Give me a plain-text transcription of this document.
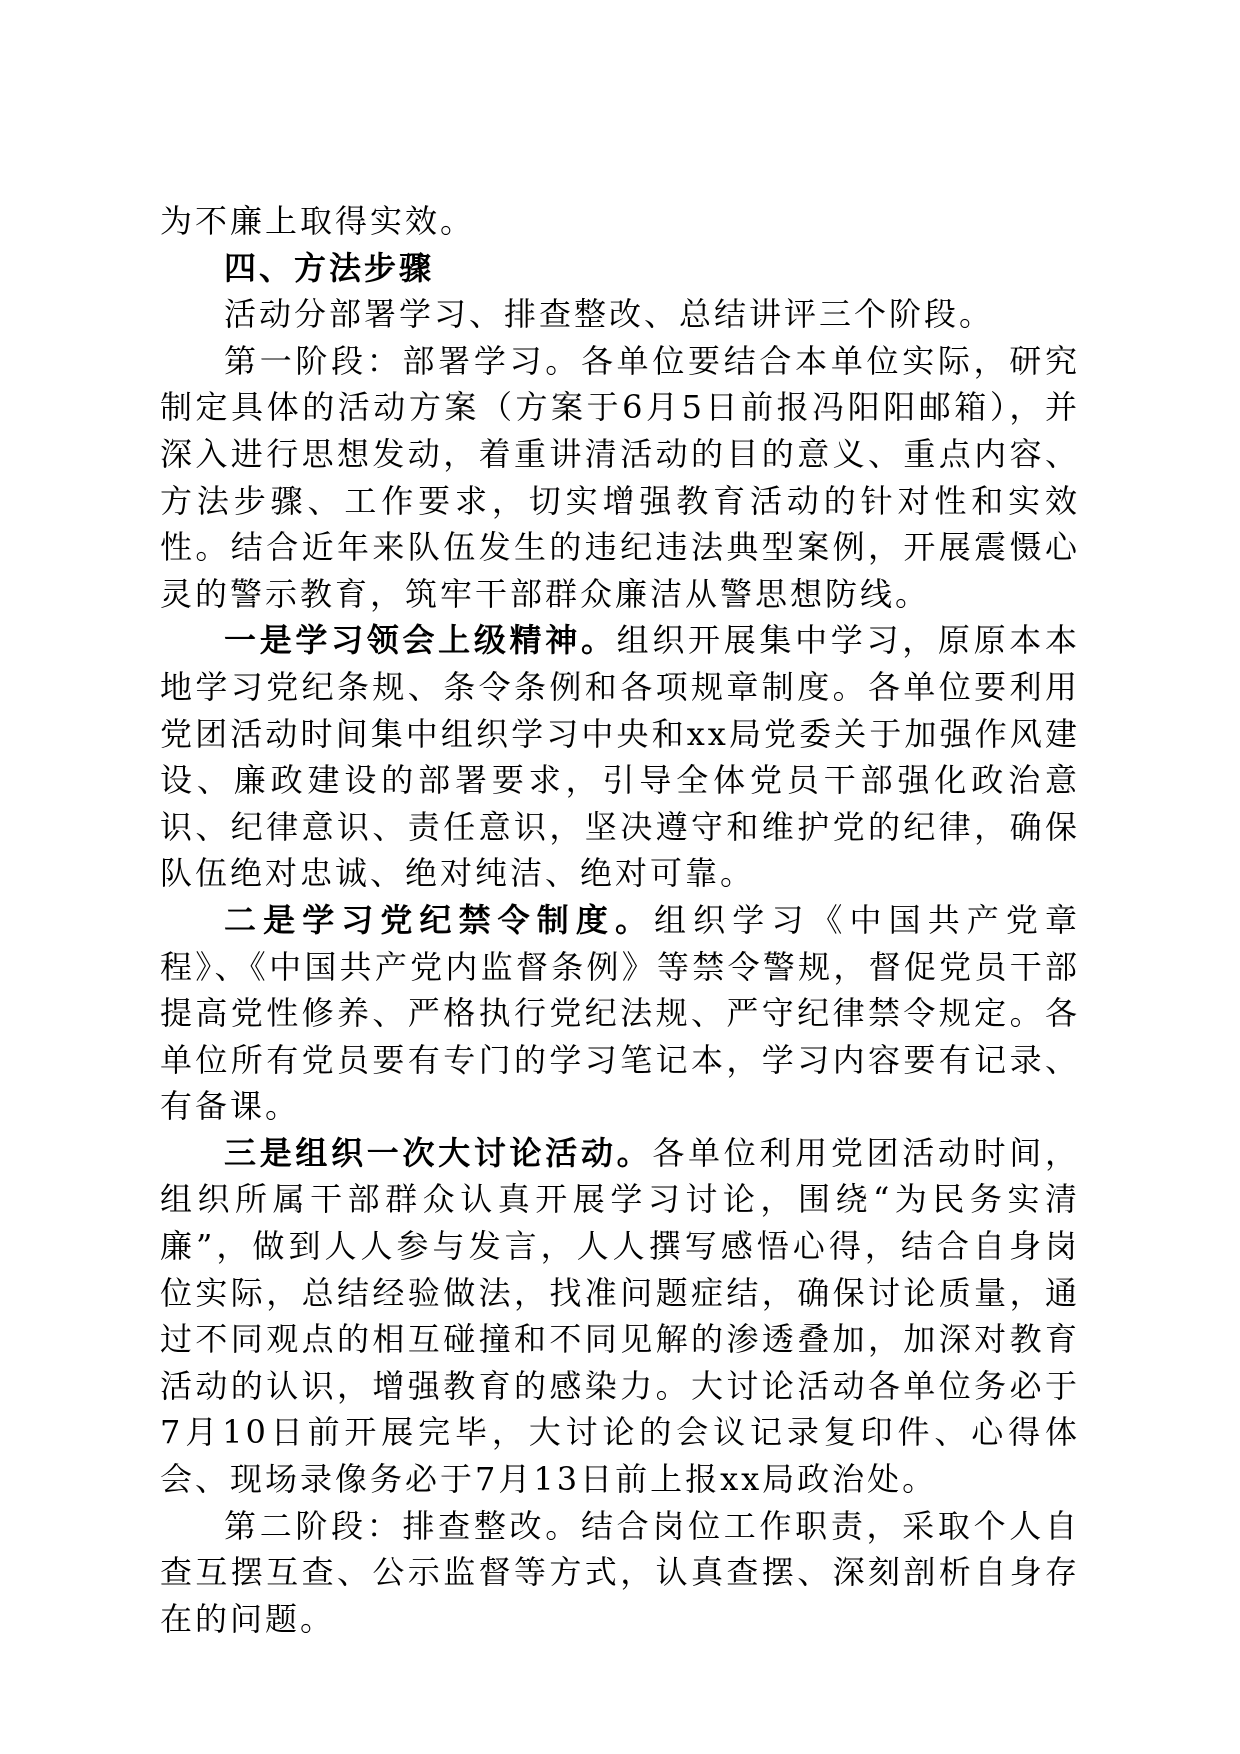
为不廉上取得实效。

四、方法步骤

活动分部署学习、排查整改、总结讲评三个阶段。

第一阶段：部署学习。各单位要结合本单位实际，研究制定具体的活动方案（方案于6月5日前报冯阳阳邮箱），并深入进行思想发动，着重讲清活动的目的意义、重点内容、方法步骤、工作要求，切实增强教育活动的针对性和实效性。结合近年来队伍发生的违纪违法典型案例，开展震慑心灵的警示教育，筑牢干部群众廉洁从警思想防线。

一是学习领会上级精神。组织开展集中学习，原原本本地学习党纪条规、条令条例和各项规章制度。各单位要利用党团活动时间集中组织学习中央和xx局党委关于加强作风建设、廉政建设的部署要求，引导全体党员干部强化政治意识、纪律意识、责任意识，坚决遵守和维护党的纪律，确保队伍绝对忠诚、绝对纯洁、绝对可靠。

二是学习党纪禁令制度。组织学习《中国共产党章程》、《中国共产党内监督条例》等禁令警规，督促党员干部提高党性修养、严格执行党纪法规、严守纪律禁令规定。各单位所有党员要有专门的学习笔记本，学习内容要有记录、有备课。

三是组织一次大讨论活动。各单位利用党团活动时间，组织所属干部群众认真开展学习讨论，围绕“为民务实清廉”，做到人人参与发言，人人撰写感悟心得，结合自身岗位实际，总结经验做法，找准问题症结，确保讨论质量，通过不同观点的相互碰撞和不同见解的渗透叠加，加深对教育活动的认识，增强教育的感染力。大讨论活动各单位务必于7月10日前开展完毕，大讨论的会议记录复印件、心得体会、现场录像务必于7月13日前上报xx局政治处。

第二阶段：排查整改。结合岗位工作职责，采取个人自查互摆互查、公示监督等方式，认真查摆、深刻剖析自身存在的问题。
